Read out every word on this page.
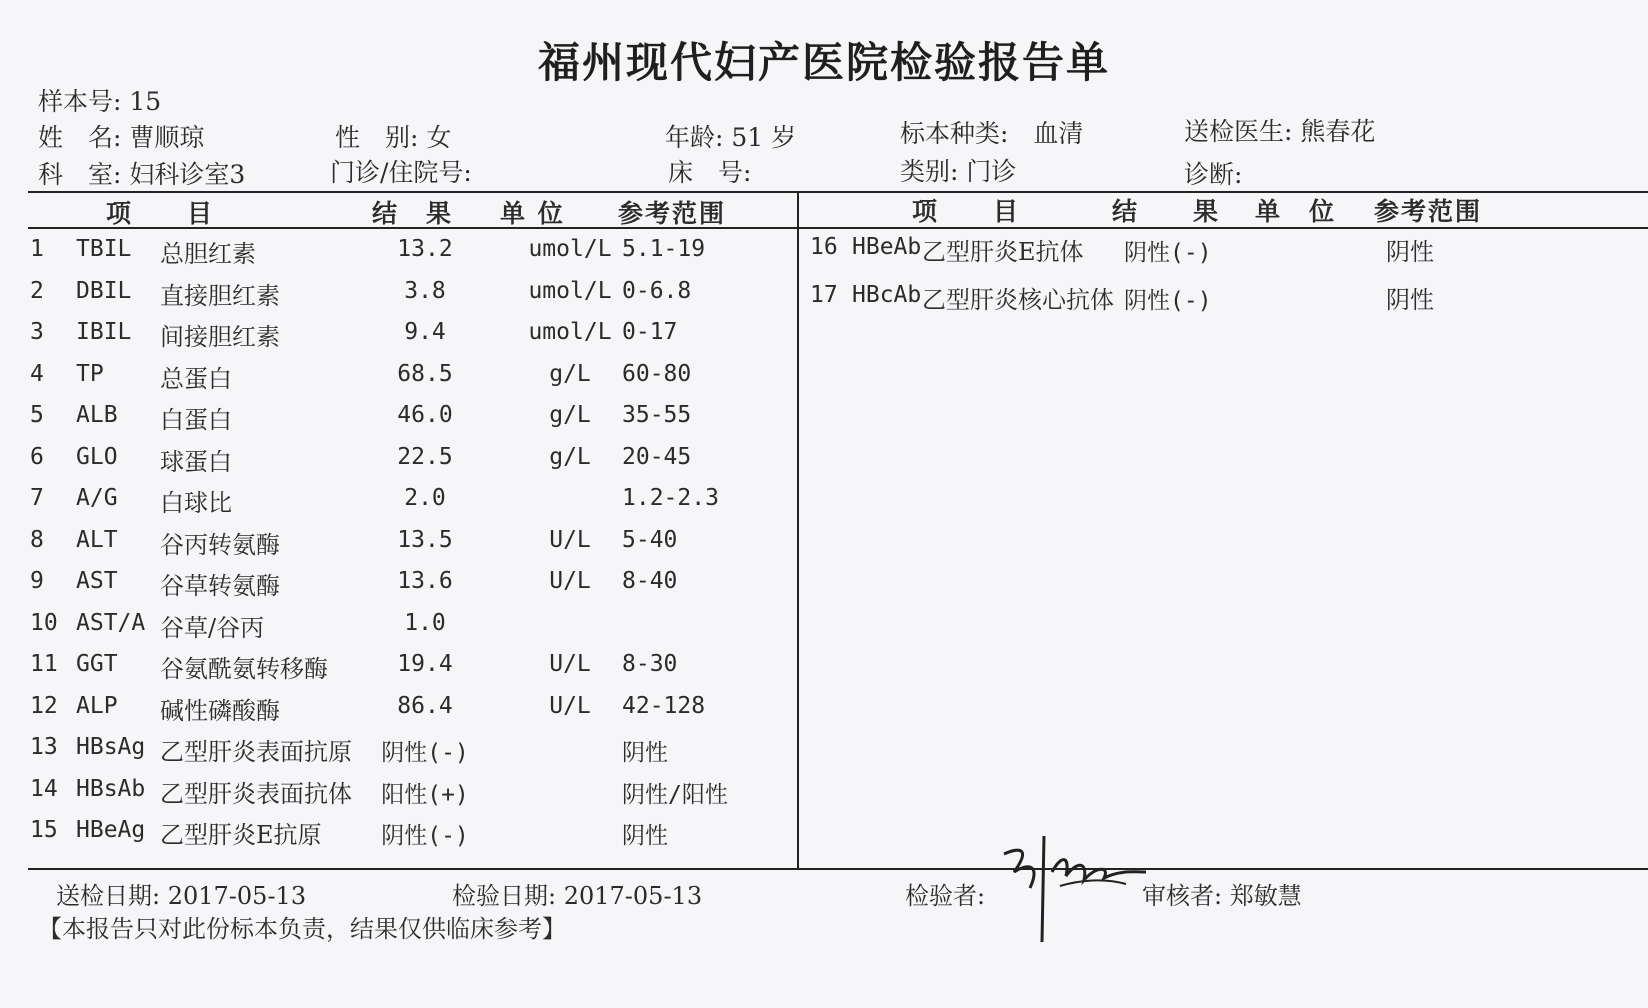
福州现代妇产医院检验报告单
样本号: 15
姓　名: 曹顺琼	性　别: 女	年龄: 51 岁	标本种类:　血清	送检医生: 熊春花
科　室: 妇科诊室3	门诊/住院号:	床　号:	类别: 门诊	诊断:
项　　目	结　果 单 位 参考范围	项　　目	结　　果 单　位 参考范围
1 TBIL 总胆红素	13.2	umol/L 5.1-19
2 DBIL 直接胆红素	3.8	umol/L 0-6.8
3 IBIL 间接胆红素	9.4	umol/L 0-17
4 TP 总蛋白	68.5	g/L	60-80
5 ALB 白蛋白	46.0	g/L	35-55
6 GLO 球蛋白	22.5	g/L	20-45
7 A/G 白球比	2.0	1.2-2.3
8 ALT 谷丙转氨酶	13.5	U/L	5-40
9 AST 谷草转氨酶	13.6	U/L	8-40
10 AST/A 谷草/谷丙	1.0
11 GGT 谷氨酰氨转移酶	19.4	U/L	8-30
12 ALP 碱性磷酸酶	86.4	U/L	42-128
13 HBsAg 乙型肝炎表面抗原	阴性(-)	阴性
14 HBsAb 乙型肝炎表面抗体	阳性(+)	阴性/阳性
15 HBeAg 乙型肝炎E抗原	阴性(-)	阴性
16 HBeAb 乙型肝炎E抗体 阴性(-)	阴性
17 HBcAb 乙型肝炎核心抗体 阴性(-)	阴性
送检日期: 2017-05-13	检验日期: 2017-05-13	检验者:	审核者: 郑敏慧
【本报告只对此份标本负责，结果仅供临床参考】
